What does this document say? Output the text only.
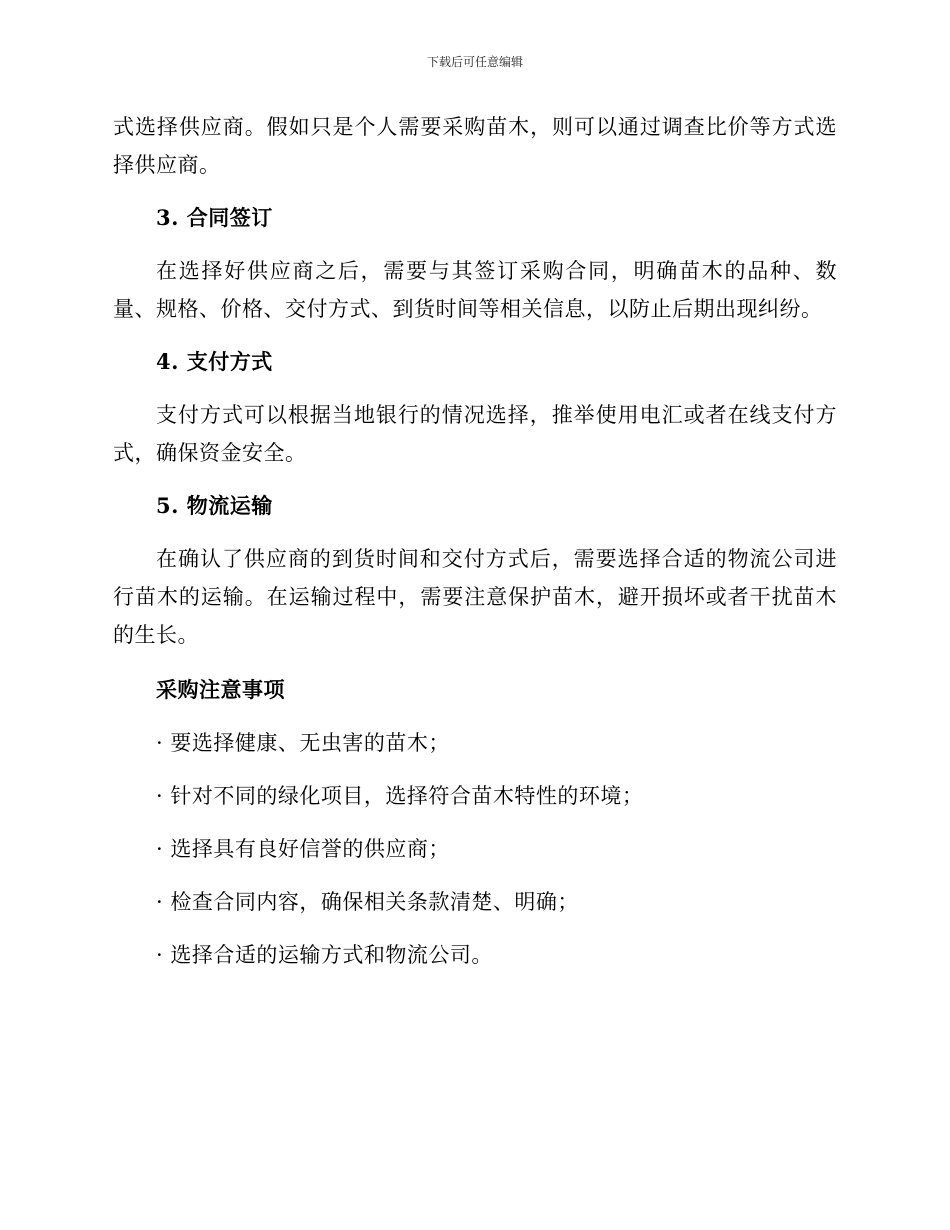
下载后可任意编辑

式选择供应商。假如只是个人需要采购苗木，则可以通过调查比价等方式选择供应商。

3. 合同签订

在选择好供应商之后，需要与其签订采购合同，明确苗木的品种、数量、规格、价格、交付方式、到货时间等相关信息，以防止后期出现纠纷。

4. 支付方式

支付方式可以根据当地银行的情况选择，推举使用电汇或者在线支付方式，确保资金安全。

5. 物流运输

在确认了供应商的到货时间和交付方式后，需要选择合适的物流公司进行苗木的运输。在运输过程中，需要注意保护苗木，避开损坏或者干扰苗木的生长。

采购注意事项

· 要选择健康、无虫害的苗木；

· 针对不同的绿化项目，选择符合苗木特性的环境；

· 选择具有良好信誉的供应商；

· 检查合同内容，确保相关条款清楚、明确；

· 选择合适的运输方式和物流公司。
